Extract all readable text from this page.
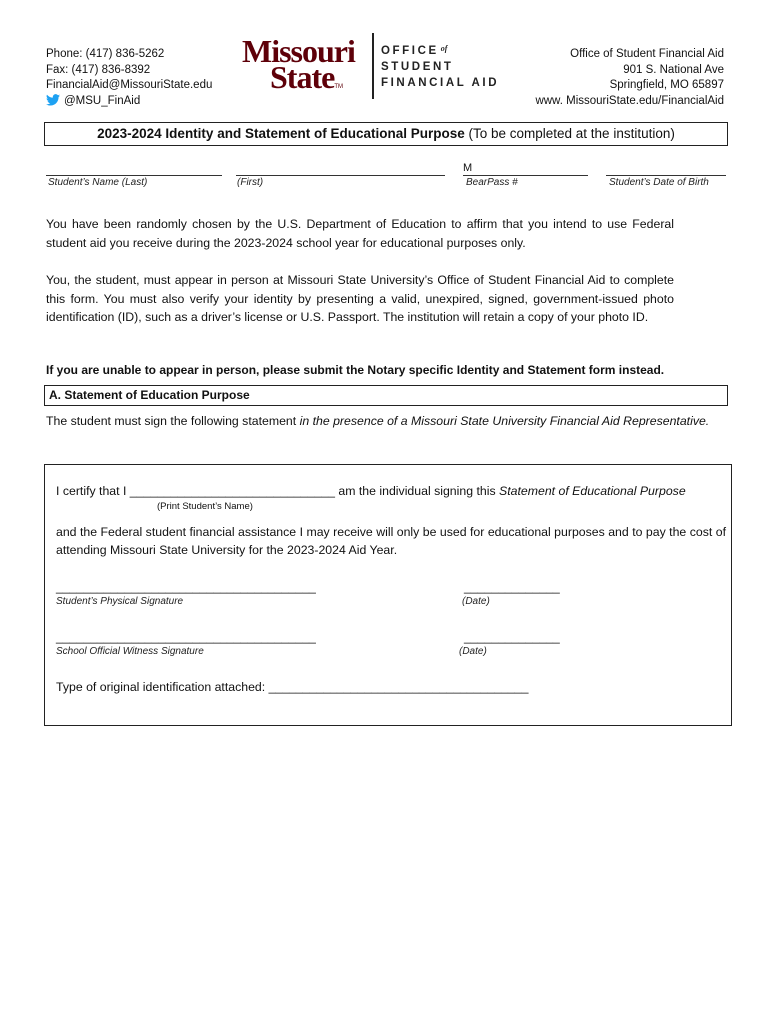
Phone: (417) 836-5262
Fax: (417) 836-8392
FinancialAid@MissouriState.edu
@MSU_FinAid
Missouri
StateTM
OFFICE $^{of}$
STUDENT
FINANCIAL AID
Office of Student Financial Aid
901 S. National Ave
Springfield, MO 65897
www. MissouriState.edu/FinancialAid
2023-2024 Identity and Statement of Educational Purpose (To be completed at the institution)
Student’s Name (Last)	(First)
M
BearPass #	Student’s Date of Birth
You have been randomly chosen by the U.S. Department of Education to affirm that you intend to use Federal student aid you receive during the 2023-2024 school year for educational purposes only.
You, the student, must appear in person at Missouri State University’s Office of Student Financial Aid to complete this form. You must also verify your identity by presenting a valid, unexpired, signed, government-issued photo identification (ID), such as a driver’s license or U.S. Passport. The institution will retain a copy of your photo ID.
If you are unable to appear in person, please submit the Notary specific Identity and Statement form instead.
A. Statement of Education Purpose
The student must sign the following statement in the presence of a Missouri State University Financial Aid Representative.
I certify that I ______________________________ am the individual signing this Statement of Educational Purpose
(Print Student’s Name)
and the Federal student financial assistance I may receive will only be used for educational purposes and to pay the cost of attending Missouri State University for the 2023-2024 Aid Year.
______________________________________
Student’s Physical Signature
______________
(Date)
______________________________________
School Official Witness Signature
______________
(Date)
Type of original identification attached: ______________________________________
